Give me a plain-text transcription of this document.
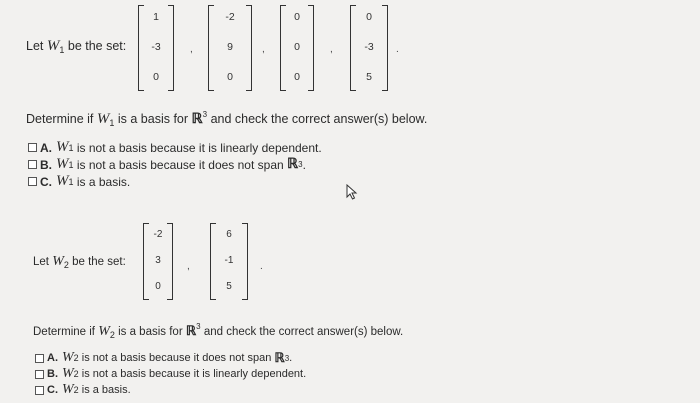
Let $W_1$ be the set:
1
-3
0
,
-2
9
0
,
0
0
0
,
0
-3
5
.
Determine if $W_1$ is a basis for ℝ$^3$ and check the correct answer(s) below.
A. W 1
is not a basis because it is linearly dependent.
B. W 1
is not a basis because it does not span
ℝ 3 .
C. W 1
is a basis.
Let $W_2$ be the set:
-2
3
0
,
6
-1
5
.
Determine if $W_2$ is a basis for ℝ$^3$ and check the correct answer(s) below.
A. W 2
is not a basis because it does not span
ℝ 3 .
B. W 2
is not a basis because it is linearly dependent.
C. W 2
is a basis.
